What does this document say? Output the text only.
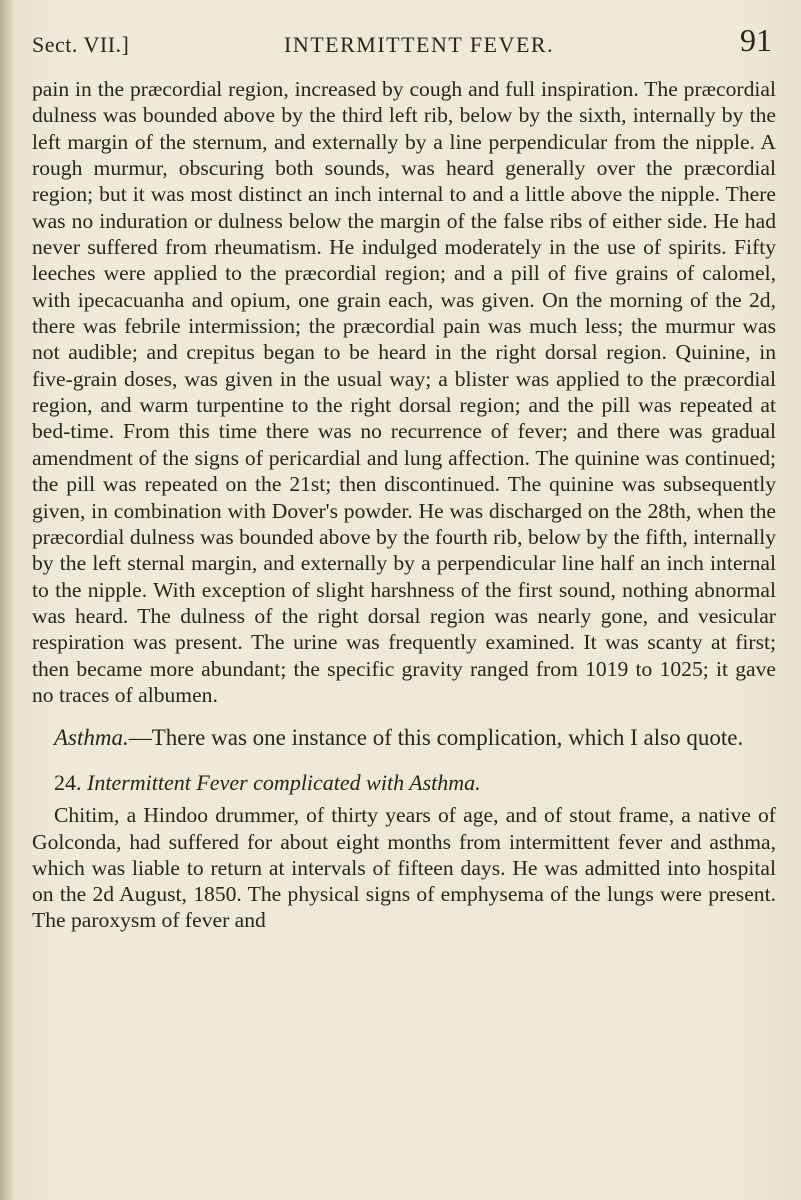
Sect. VII.]	INTERMITTENT FEVER.	91

pain in the præcordial region, increased by cough and full inspiration. The præcordial dulness was bounded above by the third left rib, below by the sixth, internally by the left margin of the sternum, and externally by a line perpendicular from the nipple. A rough murmur, obscuring both sounds, was heard generally over the præcordial region; but it was most distinct an inch internal to and a little above the nipple. There was no induration or dulness below the margin of the false ribs of either side. He had never suffered from rheumatism. He indulged moderately in the use of spirits. Fifty leeches were applied to the præcordial region; and a pill of five grains of calomel, with ipecacuanha and opium, one grain each, was given. On the morning of the 2d, there was febrile intermission; the præcordial pain was much less; the murmur was not audible; and crepitus began to be heard in the right dorsal region. Quinine, in five-grain doses, was given in the usual way; a blister was applied to the præcordial region, and warm turpentine to the right dorsal region; and the pill was repeated at bed-time. From this time there was no recurrence of fever; and there was gradual amendment of the signs of pericardial and lung affection. The quinine was continued; the pill was repeated on the 21st; then discontinued. The quinine was subsequently given, in combination with Dover's powder. He was discharged on the 28th, when the præcordial dulness was bounded above by the fourth rib, below by the fifth, internally by the left sternal margin, and externally by a perpendicular line half an inch internal to the nipple. With exception of slight harshness of the first sound, nothing abnormal was heard. The dulness of the right dorsal region was nearly gone, and vesicular respiration was present. The urine was frequently examined. It was scanty at first; then became more abundant; the specific gravity ranged from 1019 to 1025; it gave no traces of albumen.

Asthma.—There was one instance of this complication, which I also quote.

24. Intermittent Fever complicated with Asthma.

Chitim, a Hindoo drummer, of thirty years of age, and of stout frame, a native of Golconda, had suffered for about eight months from intermittent fever and asthma, which was liable to return at intervals of fifteen days. He was admitted into hospital on the 2d August, 1850. The physical signs of emphysema of the lungs were present. The paroxysm of fever and
